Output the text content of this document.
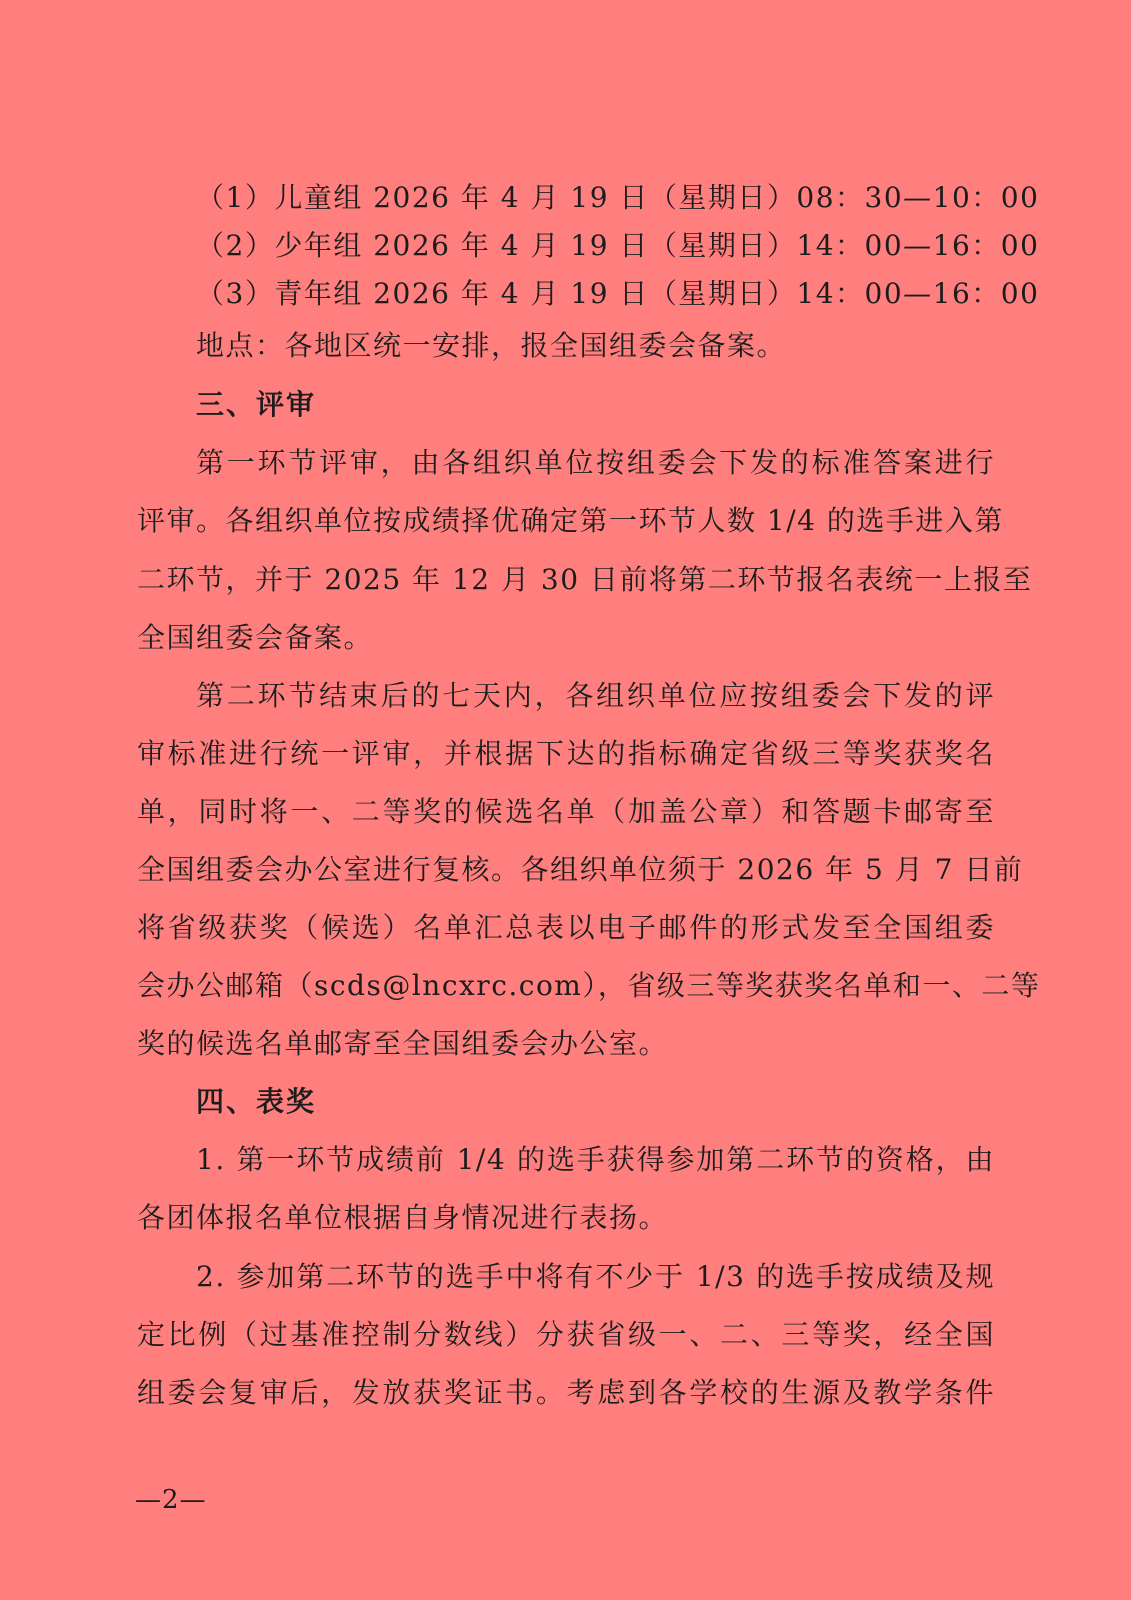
（1）儿童组 2026 年 4 月 19 日（星期日）08：30—10：00
（2）少年组 2026 年 4 月 19 日（星期日）14：00—16：00
（3）青年组 2026 年 4 月 19 日（星期日）14：00—16：00
地点：各地区统一安排，报全国组委会备案。
三、评审
第一环节评审，由各组织单位按组委会下发的标准答案进行
评审。各组织单位按成绩择优确定第一环节人数 1/4 的选手进入第
二环节，并于 2025 年 12 月 30 日前将第二环节报名表统一上报至
全国组委会备案。
第二环节结束后的七天内，各组织单位应按组委会下发的评
审标准进行统一评审，并根据下达的指标确定省级三等奖获奖名
单，同时将一、二等奖的候选名单（加盖公章）和答题卡邮寄至
全国组委会办公室进行复核。各组织单位须于 2026 年 5 月 7 日前
将省级获奖（候选）名单汇总表以电子邮件的形式发至全国组委
会办公邮箱（scds@lncxrc.com），省级三等奖获奖名单和一、二等
奖的候选名单邮寄至全国组委会办公室。
四、表奖
1. 第一环节成绩前 1/4 的选手获得参加第二环节的资格，由
各团体报名单位根据自身情况进行表扬。
2. 参加第二环节的选手中将有不少于 1/3 的选手按成绩及规
定比例（过基准控制分数线）分获省级一、二、三等奖，经全国
组委会复审后，发放获奖证书。考虑到各学校的生源及教学条件
—2—
